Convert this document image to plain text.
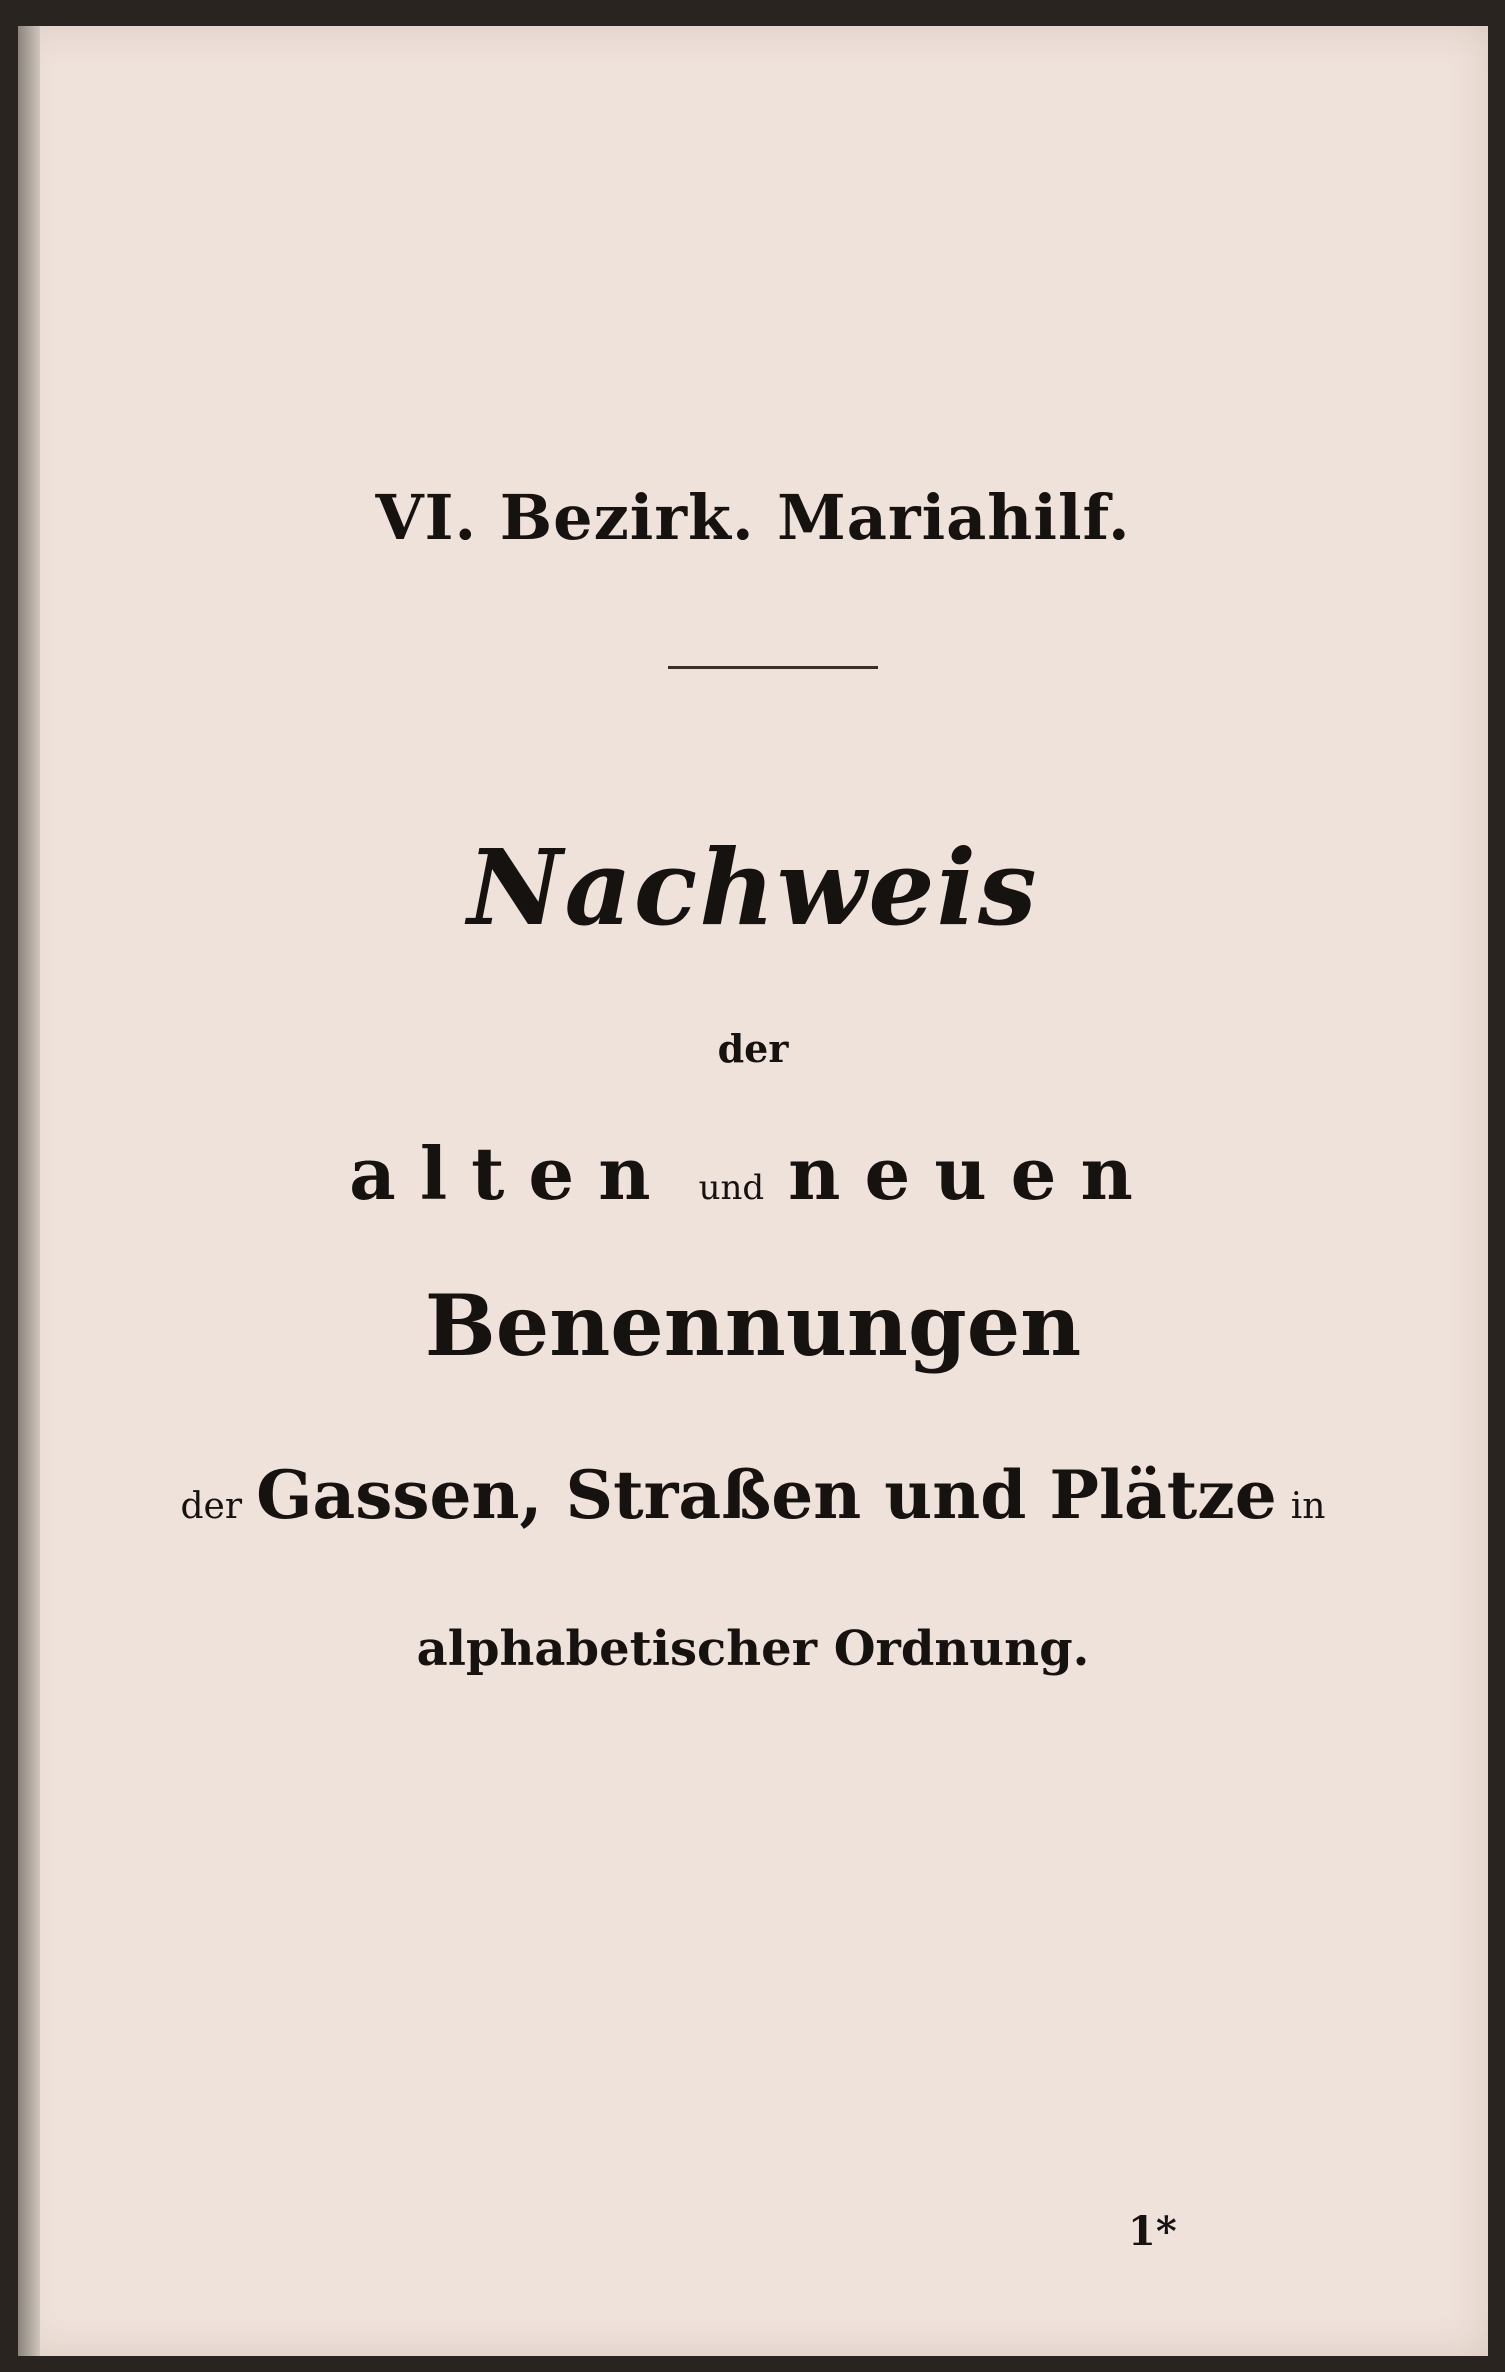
VI. Bezirk. Mariahilf.
Nachweis
der
alten und neuen
Benennungen
der Gassen, Straßen und Plätze in
alphabetischer Ordnung.
1*
